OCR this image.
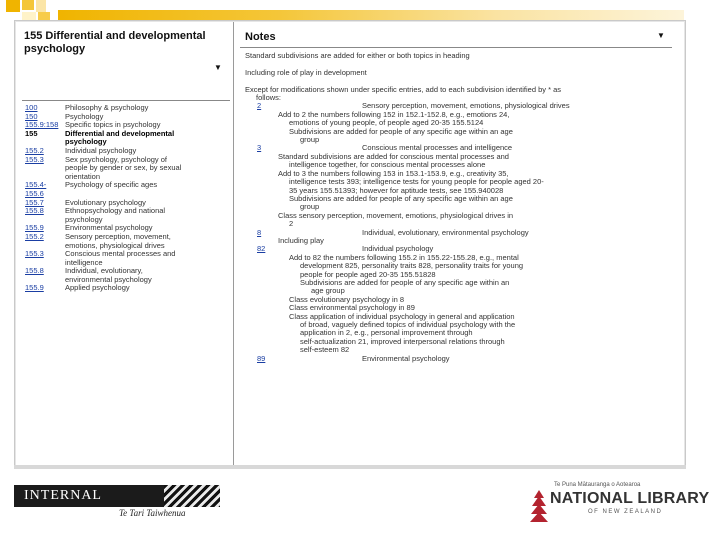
155 Differential and developmental psychology
100	Philosophy & psychology
150	Psychology
155.9:158 Specific topics in psychology
155	Differential and developmental
psychology
155.2	Individual psychology
155.3	Sex psychology, psychology of
people by gender or sex, by sexual
orientation
155.4-155.6
Psychology of specific ages
155.7	Evolutionary psychology
155.8	Ethnopsychology and national
psychology
155.9	Environmental psychology
155.2	Sensory perception, movement,
emotions, physiological drives
155.3	Conscious mental processes and
intelligence
155.8	Individual, evolutionary,
environmental psychology
155.9	Applied psychology
▼
Notes	▼
Standard subdivisions are added for either or both topics in heading

Including role of play in development

Except for modifications shown under specific entries, add to each subdivision identified by * as
follows:
2	Sensory perception, movement, emotions, physiological drives
Add to 2 the numbers following 152 in 152.1-152.8, e.g., emotions 24,
emotions of young people, of people aged 20-35 155.5124
Subdivisions are added for people of any specific age within an age
group
3	Conscious mental processes and intelligence
Standard subdivisions are added for conscious mental processes and
intelligence together, for conscious mental processes alone
Add to 3 the numbers following 153 in 153.1-153.9, e.g., creativity 35,
intelligence tests 393; intelligence tests for young people for people aged 20-
35 years 155.51393; however for aptitude tests, see 155.940028
Subdivisions are added for people of any specific age within an age
group
Class sensory perception, movement, emotions, physiological drives in
2
8	Individual, evolutionary, environmental psychology
Including play
82	Individual psychology
Add to 82 the numbers following 155.2 in 155.22-155.28, e.g., mental
development 825, personality traits 828, personality traits for young
people for people aged 20-35 155.51828
Subdivisions are added for people of any specific age within an
age group
Class evolutionary psychology in 8
Class environmental psychology in 89
Class application of individual psychology in general and application
of broad, vaguely defined topics of individual psychology with the
application in 2, e.g., personal improvement through
self-actualization 21, improved interpersonal relations through
self-esteem 82
89	Environmental psychology
INTERNAL AFFAIRS	Te Tari Taiwhenua
Te Puna Mātauranga o Aotearoa
NATIONAL LIBRARY
OF NEW ZEALAND
